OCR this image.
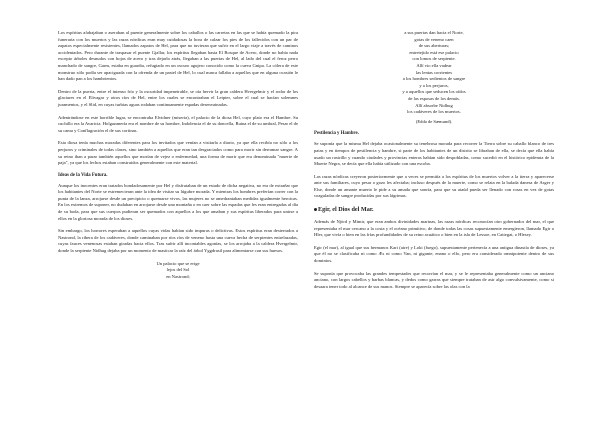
Los espíritus afabajaban o aseraban al puente generalmente sobre los caballos o las carretas en las que se había quemado la pira funeraria con los muertos y las razas nórdicas eran muy cuidadosas la hora de calzar los pies de los fallecidos con un par de zapatos especialmente resistentes, llamados zapatos de Hel, para que no tuvieran que sufrir en el largo viaje a través de caminos accidentados. Pero durante de traspasar el puente Gjallar, los espíritus llegaban hasta El Bosque de Acero, donde no había nada excepto árboles desnudos con hojas de acero y tras dejarlo atrás, llegaban a las puertas de Hel, al lado del cual el feroz perro manchado de sangre, Garm, estaba en guardia, refugiado en un oscuro agujero conocido como la cueva Gnipa. La cólera de este monstruo sólo podía ser apaciguada con la ofrenda de un pastel de Hel, lo cual nunca fallaba a aquellos que en alguna ocasión le han dado pan a los hambrientos.

Dentro de la puerta, entre el intenso frío y la oscuridad impenetrable, se oía hervir la gran caldera Hvergelmir y el rodar de los glaciares en el Elivagar y otros ríos de Hel, entre los cuales se encontraban el Leipter, sobre el cual se hacían solemnes juramentos, y el Slid, en cuyas turbias aguas rodaban continuamente espadas desenvainadas.

Adentrándose en este horrible lugar, se encontraba Elvidner (miseria), el palacio de la diosa Hel, cuyo plato era el Hambre. Su cuchillo era la Avaricia. Holgazanería era el nombre de su hombre, Indolencia el de su doncella, Ruina el de su umbral, Pesar el de su cama y Conflagración el de sus cortinas.

Esta diosa tenía muchas moradas diferentes para los invitados que venían a visitarla a diario, ya que ella recibía no sólo a los perjuros y criminales de todas clases, sino también a aquellos que eran tan desgraciados como para morir sin derramar sangre. A su reino iban a parar también aquellos que morían de vejez o enfermedad, una forma de morir que era denominada "muerte de paja", ya que los lechos estaban construidos generalmente con este material.

Ideas de la Vida Futura.

Aunque los inocentes eran tratados bondadosamente por Hel y disfrutaban de un estado de dicha negativa, no era de extrañar que los habitantes del Norte se estremecieran ante la idea de visitar su lúgubre morada. Y mientras los hombres preferían correr con la punta de la lanza, arrojarse desde un precipicio o quemarse vivos, las mujeres no se amedrantaban medidas igualmente heroicas. En los extremos de suponer, no dudaban en arrojarse desde una montaña o en caer sobre las espadas que les eran entregadas al día de su boda, para que sus cuerpos pudieran ser quemados con aquellos a los que amaban y sus espíritus liberados para unirse a ellos en la gloriosa morada de los dioses.

Sin embargo, los horrores esperaban a aquellos cuyas vidas habían sido impuras o delictivas. Estos espíritus eran desterrados a Nastrond, la ribera de los cadáveres, donde caminaban por ríos ríos de veneno hasta una cueva hecha de serpientes entrelazadas, cuyas fauces venenosas estaban giradas hacia ellos. Tras sufrir allí incontables agonías, se los arrojaba a la caldera Hvergelmir, donde la serpiente Nidhug dejaba por un momento de masticar la raíz del árbol Yggdrasil para alimentarse con sus huesos.

Un palacio que se erige
lejos del Sol
en Nastrond;
a sus puertas dan hacia el Norte,
gotas de veneno caen
de sus aberturas;
entretejido está ese palacio
con lomos de serpiente.
Allí vio ella vadear
las lentas corrientes
a los hombres sedientos de sangre
y a los perjuros,
y a aquellos que seducen los oídos
de las esposas de los demás.
Allí absorbe Nidhug
los cadáveres de los muertos.
(Edda de Sæmund).
Pestilencia y Hambre.

Se suponía que la misma Hel dejaba ocasionalmente su tenebrosa morada para recorrer la Tierra sobre su caballo blanco de tres patas y en tiempos de pestilencia y hambre, si parte de los habitantes de un distrito se libraban de ella, se decía que ella había usado un rastrillo y cuando ciudades y provincias enteras habían sido despobladas, como sucedió en el histórico epidemia de la Muerte Negra, se decía que ella había utilizado con una escoba.

Las razas nórdicas creyeron posteriormente que a veces se permitía a los espíritus de los muertos volver a la tierra y aparecerse ante sus familiares, cuyo pesar o gozo les afectaba; incluso después de la muerte, como se relata en la balada danesa de Asger y Else, donde un amante muerto le pide a su amada que sonría, para que su ataúd pueda ser llenado con rosas en vez de gotas coaguladas de sangre producidas por sus lágrimas.

Egir, el Dios del Mar.

Además de Njörd y Mimir, que eran ambos divinidades marinas, las razas nórdicas reconocían otro gobernador del mar, el que representaba el mar cercano a la costa y el océano primitivo, de donde todas las cosas supuestamente emergieron, llamado Egir o Hler, que vivía o bien en las frías profundidades de su reino acuático o bien en la isla de Lessoe, en Cattegat, o Hlesey.

Egir (el mar), al igual que sus hermanos Kari (aire) y Loki (fuego), supuestamente pertenecía a una antigua dinastía de dioses, ya que él no se clasificaba ni como Æs ni como Van, ni gigante, enano o elfo, pero era considerado omnipotente dentro de sus dominios.

Se suponía que provocaba las grandes tempestades que recorrían el mar, y se le representaba generalmente como un anciano anciano, con largos cabellos y barbas blancas, y dedos como garras que siempre trataban de asir algo convulsivamente, como si desaara tener todo al alcance de sus manos. Siempre se aparecía sobre las olas con la
